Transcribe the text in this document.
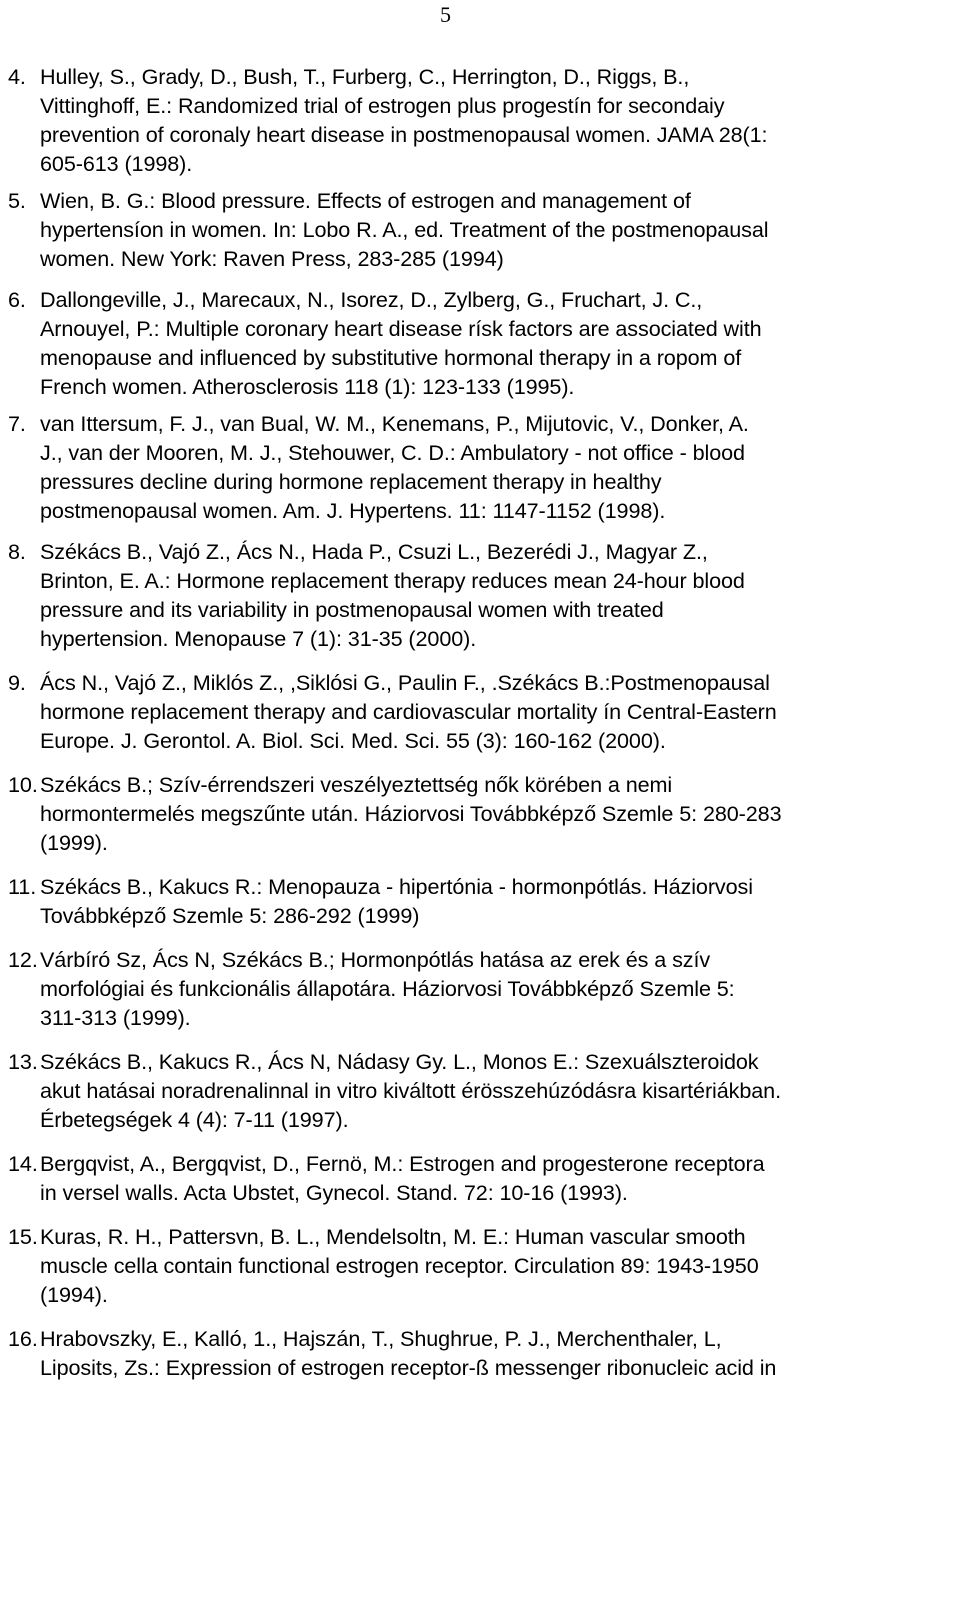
5
4. Hulley, S., Grady, D., Bush, T., Furberg, C., Herrington, D., Riggs, B.,
Vittinghoff, E.: Randomized trial of estrogen plus progestín for secondaiy
prevention of coronaly heart disease in postmenopausal women. JAMA 28(1:
605-613 (1998).
5. Wien, B. G.: Blood pressure. Effects of estrogen and management of
hypertensíon in women. In: Lobo R. A., ed. Treatment of the postmenopausal
women. New York: Raven Press, 283-285 (1994)
6. Dallongeville, J., Marecaux, N., Isorez, D., Zylberg, G., Fruchart, J. C.,
Arnouyel, P.: Multiple coronary heart disease rísk factors are associated with
menopause and influenced by substitutive hormonal therapy in a ropom of
French women. Atherosclerosis 118 (1): 123-133 (1995).
7. van Ittersum, F. J., van Bual, W. M., Kenemans, P., Mijutovic, V., Donker, A.
J., van der Mooren, M. J., Stehouwer, C. D.: Ambulatory - not office - blood
pressures decline during hormone replacement therapy in healthy
postmenopausal women. Am. J. Hypertens. 11: 1147-1152 (1998).
8. Székács B., Vajó Z., Ács N., Hada P., Csuzi L., Bezerédi J., Magyar Z.,
Brinton, E. A.: Hormone replacement therapy reduces mean 24-hour blood
pressure and its variability in postmenopausal women with treated
hypertension. Menopause 7 (1): 31-35 (2000).
9. Ács N., Vajó Z., Miklós Z., ,Siklósi G., Paulin F., .Székács B.:Postmenopausal
hormone replacement therapy and cardiovascular mortality ín Central-Eastern
Europe. J. Gerontol. A. Biol. Sci. Med. Sci. 55 (3): 160-162 (2000).
10. Székács B.; Szív-érrendszeri veszélyeztettség nők körében a nemi
hormontermelés megszűnte után. Háziorvosi Továbbképző Szemle 5: 280-283
(1999).
11. Székács B., Kakucs R.: Menopauza - hipertónia - hormonpótlás. Háziorvosi
Továbbképző Szemle 5: 286-292 (1999)
12. Várbíró Sz, Ács N, Székács B.; Hormonpótlás hatása az erek és a szív
morfológiai és funkcionális állapotára. Háziorvosi Továbbképző Szemle 5:
311-313 (1999).
13. Székács B., Kakucs R., Ács N, Nádasy Gy. L., Monos E.: Szexuálszteroidok
akut hatásai noradrenalinnal in vitro kiváltott érösszehúzódásra kisartériákban.
Érbetegségek 4 (4): 7-11 (1997).
14. Bergqvist, A., Bergqvist, D., Fernö, M.: Estrogen and progesterone receptora
in versel walls. Acta Ubstet, Gynecol. Stand. 72: 10-16 (1993).
15. Kuras, R. H., Pattersvn, B. L., Mendelsoltn, M. E.: Human vascular smooth
muscle cella contain functional estrogen receptor. Circulation 89: 1943-1950
(1994).
16. Hrabovszky, E., Kalló, 1., Hajszán, T., Shughrue, P. J., Merchenthaler, L,
Liposits, Zs.: Expression of estrogen receptor-ß messenger ribonucleic acid in
